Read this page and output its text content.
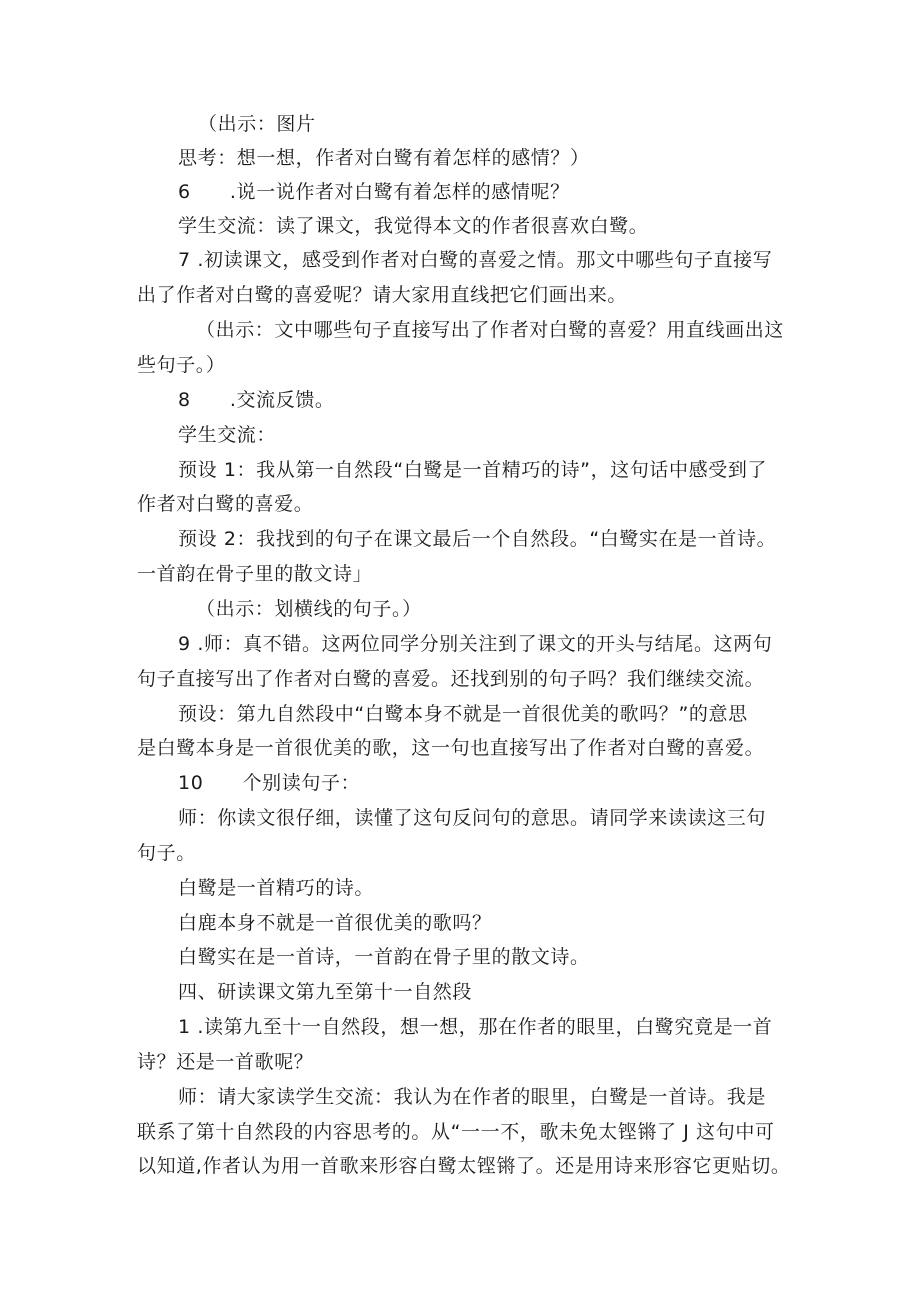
（出示：图片
思考：想一想，作者对白鹭有着怎样的感情？）
6　　.说一说作者对白鹭有着怎样的感情呢？
学生交流：读了课文，我觉得本文的作者很喜欢白鹭。
7 .初读课文，感受到作者对白鹭的喜爱之情。那文中哪些句子直接写
出了作者对白鹭的喜爱呢？请大家用直线把它们画出来。
（出示：文中哪些句子直接写出了作者对白鹭的喜爱？用直线画出这
些句子。）
8　　.交流反馈。
学生交流：
预设 1：我从第一自然段“白鹭是一首精巧的诗”，这句话中感受到了
作者对白鹭的喜爱。
预设 2：我找到的句子在课文最后一个自然段。“白鹭实在是一首诗。
一首韵在骨子里的散文诗」
（出示：划横线的句子。）
9 .师：真不错。这两位同学分别关注到了课文的开头与结尾。这两句
句子直接写出了作者对白鹭的喜爱。还找到别的句子吗？我们继续交流。
预设：第九自然段中“白鹭本身不就是一首很优美的歌吗？”的意思
是白鹭本身是一首很优美的歌，这一句也直接写出了作者对白鹭的喜爱。
10　　个别读句子：
师：你读文很仔细，读懂了这句反问句的意思。请同学来读读这三句
句子。
白鹭是一首精巧的诗。
白鹿本身不就是一首很优美的歌吗？
白鹭实在是一首诗，一首韵在骨子里的散文诗。
四、研读课文第九至第十一自然段
1 .读第九至十一自然段，想一想，那在作者的眼里，白鹭究竟是一首
诗？还是一首歌呢？
师：请大家读学生交流：我认为在作者的眼里，白鹭是一首诗。我是
联系了第十自然段的内容思考的。从“一一不，歌未免太铿锵了 J 这句中可
以知道,作者认为用一首歌来形容白鹭太铿锵了。还是用诗来形容它更贴切。
